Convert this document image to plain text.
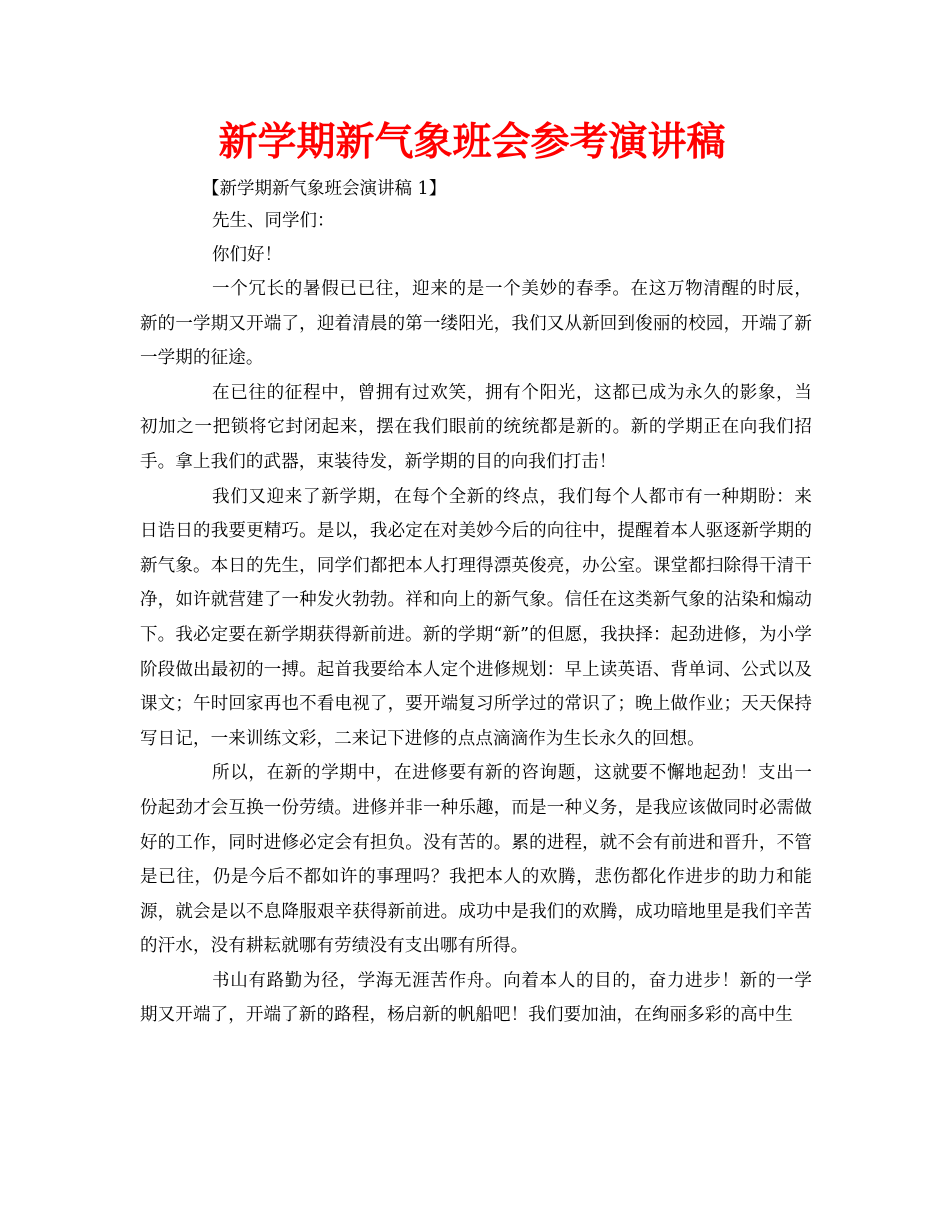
新学期新气象班会参考演讲稿

【新学期新气象班会演讲稿 1】

先生、同学们：

你们好！

一个冗长的暑假已已往，迎来的是一个美妙的春季。在这万物清醒的时辰，新的一学期又开端了，迎着清晨的第一缕阳光，我们又从新回到俊丽的校园，开端了新一学期的征途。

在已往的征程中，曾拥有过欢笑，拥有个阳光，这都已成为永久的影象，当初加之一把锁将它封闭起来，摆在我们眼前的统统都是新的。新的学期正在向我们招手。拿上我们的武器，束装待发，新学期的目的向我们打击！

我们又迎来了新学期，在每个全新的终点，我们每个人都市有一种期盼：来日诰日的我要更精巧。是以，我必定在对美妙今后的向往中，提醒着本人驱逐新学期的新气象。本日的先生，同学们都把本人打理得漂英俊亮，办公室。课堂都扫除得干清干净，如许就营建了一种发火勃勃。祥和向上的新气象。信任在这类新气象的沾染和煽动下。我必定要在新学期获得新前进。新的学期“新”的但愿，我抉择：起劲进修，为小学阶段做出最初的一搏。起首我要给本人定个进修规划：早上读英语、背单词、公式以及课文；午时回家再也不看电视了，要开端复习所学过的常识了；晚上做作业；天天保持写日记，一来训练文彩，二来记下进修的点点滴滴作为生长永久的回想。

所以，在新的学期中，在进修要有新的咨询题，这就要不懈地起劲！支出一份起劲才会互换一份劳绩。进修并非一种乐趣，而是一种义务，是我应该做同时必需做好的工作，同时进修必定会有担负。没有苦的。累的进程，就不会有前进和晋升，不管是已往，仍是今后不都如许的事理吗？我把本人的欢腾，悲伤都化作进步的助力和能源，就会是以不息降服艰辛获得新前进。成功中是我们的欢腾，成功暗地里是我们辛苦的汗水，没有耕耘就哪有劳绩没有支出哪有所得。

书山有路勤为径，学海无涯苦作舟。向着本人的目的，奋力进步！新的一学期又开端了，开端了新的路程，杨启新的帆船吧！我们要加油，在绚丽多彩的高中生
